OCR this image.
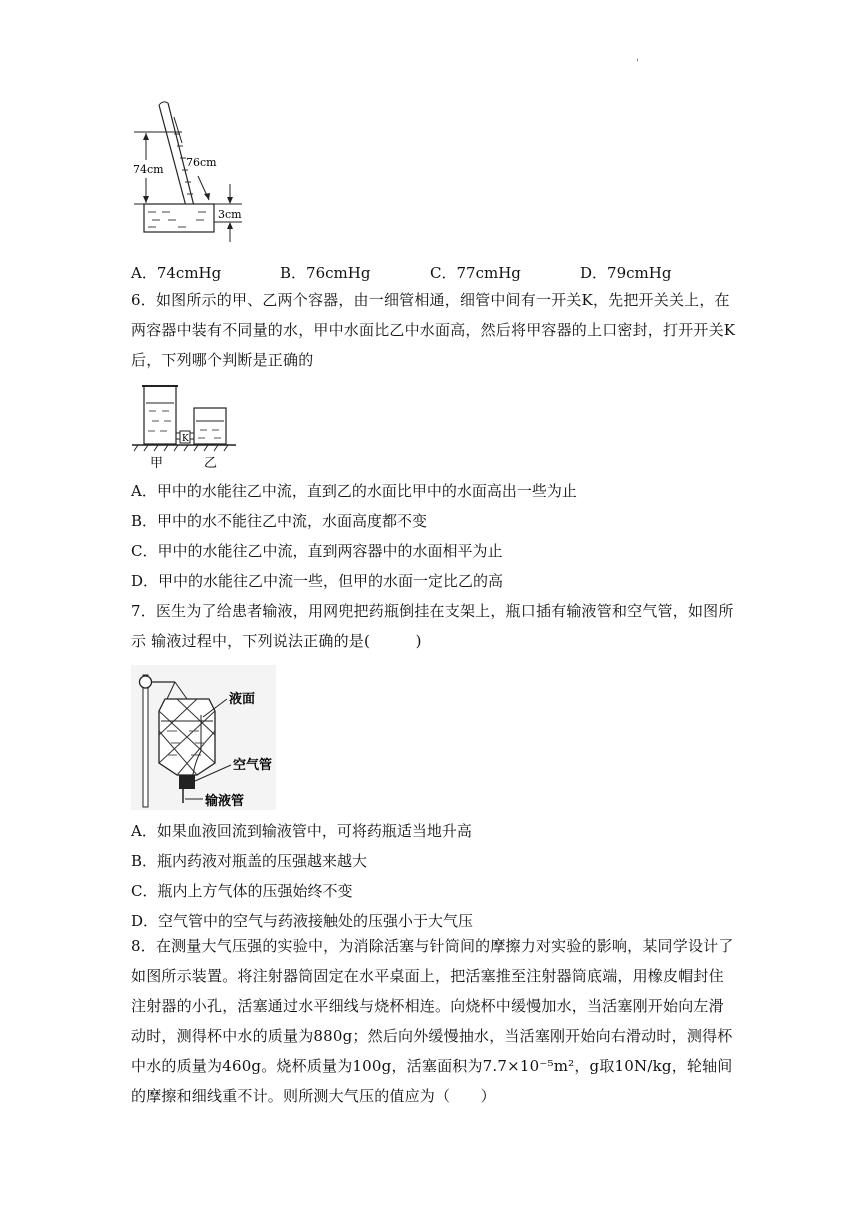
'
74cm
76cm
3cm
A．74cmHg	B．76cmHg	C．77cmHg	D．79cmHg
6．如图所示的甲、乙两个容器，由一细管相通，细管中间有一开关K，先把开关关上，在两容器中装有不同量的水，甲中水面比乙中水面高，然后将甲容器的上口密封，打开开关K后，下列哪个判断是正确的
K
甲	乙
A．甲中的水能往乙中流，直到乙的水面比甲中的水面高出一些为止
B．甲中的水不能往乙中流，水面高度都不变
C．甲中的水能往乙中流，直到两容器中的水面相平为止
D．甲中的水能往乙中流一些，但甲的水面一定比乙的高
7．医生为了给患者输液，用网兜把药瓶倒挂在支架上，瓶口插有输液管和空气管，如图所示 输液过程中，下列说法正确的是(　　　)
液面
空气管
输液管
A．如果血液回流到输液管中，可将药瓶适当地升高
B．瓶内药液对瓶盖的压强越来越大
C．瓶内上方气体的压强始终不变
D．空气管中的空气与药液接触处的压强小于大气压
8．在测量大气压强的实验中，为消除活塞与针筒间的摩擦力对实验的影响，某同学设计了如图所示装置。将注射器筒固定在水平桌面上，把活塞推至注射器筒底端，用橡皮帽封住注射器的小孔，活塞通过水平细线与烧杯相连。向烧杯中缓慢加水，当活塞刚开始向左滑动时，测得杯中水的质量为880g；然后向外缓慢抽水，当活塞刚开始向右滑动时，测得杯中水的质量为460g。烧杯质量为100g，活塞面积为7.7×10⁻⁵m²，g取10N/kg，轮轴间的摩擦和细线重不计。则所测大气压的值应为（　　）
